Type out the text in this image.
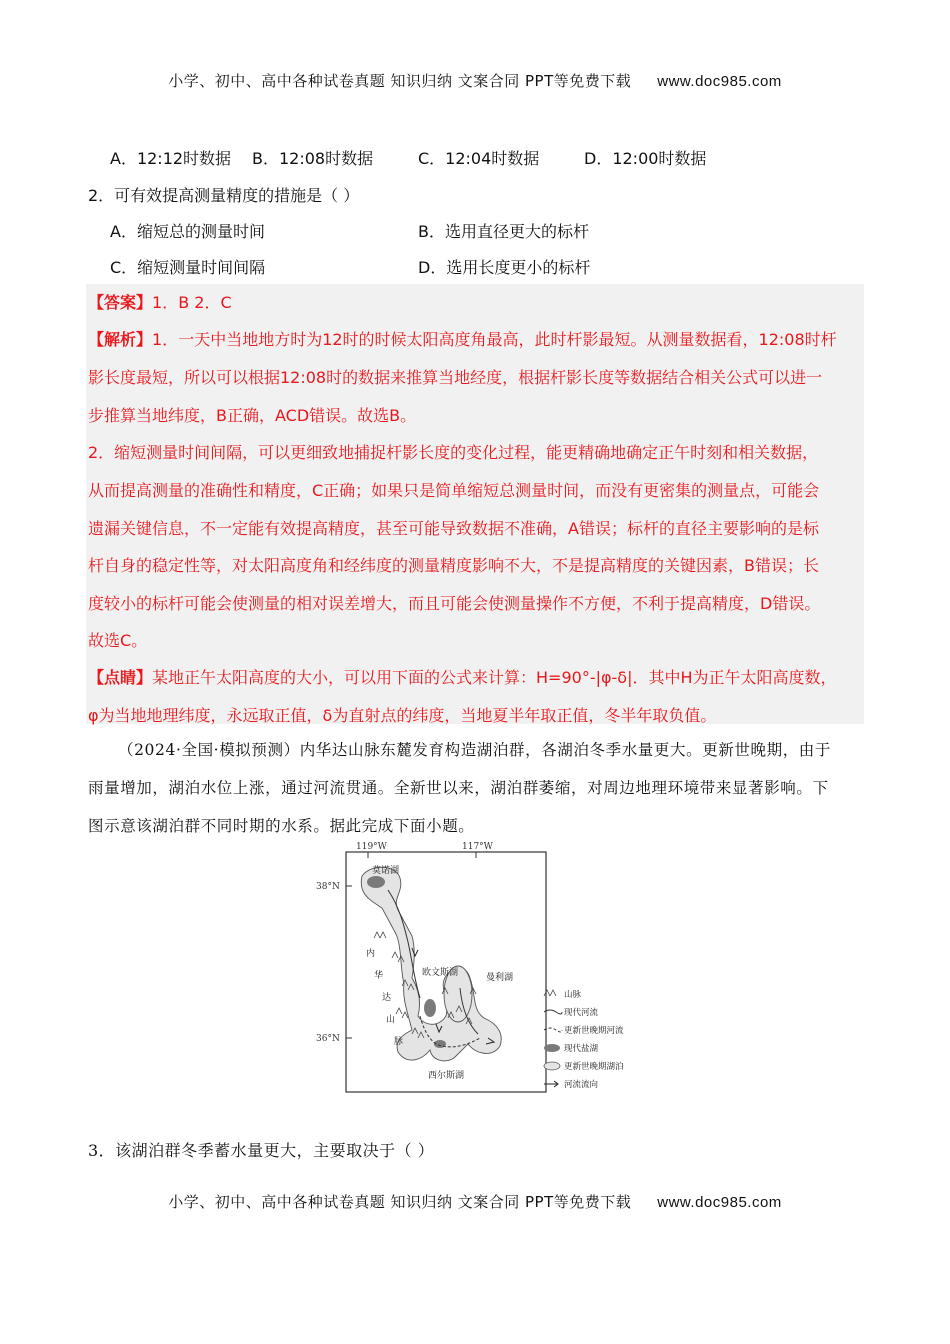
小学、初中、高中各种试卷真题 知识归纳 文案合同 PPT等免费下载 www.doc985.com
A．12:12时数据 B．12:08时数据	C．12:04时数据	D．12:00时数据
2．可有效提高测量精度的措施是（ ）
A．缩短总的测量时间	B．选用直径更大的标杆
C．缩短测量时间间隔	D．选用长度更小的标杆
【答案】1．B 2．C
【解析】1．一天中当地地方时为12时的时候太阳高度角最高，此时杆影最短。从测量数据看，12:08时杆
影长度最短，所以可以根据12:08时的数据来推算当地经度，根据杆影长度等数据结合相关公式可以进一
步推算当地纬度，B正确，ACD错误。故选B。
2．缩短测量时间间隔，可以更细致地捕捉杆影长度的变化过程，能更精确地确定正午时刻和相关数据，
从而提高测量的准确性和精度，C正确；如果只是简单缩短总测量时间，而没有更密集的测量点，可能会
遗漏关键信息，不一定能有效提高精度，甚至可能导致数据不准确，A错误；标杆的直径主要影响的是标
杆自身的稳定性等，对太阳高度角和经纬度的测量精度影响不大，不是提高精度的关键因素，B错误；长
度较小的标杆可能会使测量的相对误差增大，而且可能会使测量操作不方便，不利于提高精度，D错误。
故选C。
【点睛】某地正午太阳高度的大小，可以用下面的公式来计算：H=90°-|φ-δ|．其中H为正午太阳高度数，
φ为当地地理纬度，永远取正值，δ为直射点的纬度，当地夏半年取正值，冬半年取负值。
（2024·全国·模拟预测）内华达山脉东麓发育构造湖泊群，各湖泊冬季水量更大。更新世晚期，由于
雨量增加，湖泊水位上涨，通过河流贯通。全新世以来，湖泊群萎缩，对周边地理环境带来显著影响。下
图示意该湖泊群不同时期的水系。据此完成下面小题。
119°W	117°W
38°N
36°N
莫诺湖
欧文斯湖	曼利湖
西尔斯湖
内
华
达
山
脉
山脉
现代河流
更新世晚期河流
现代盐湖
更新世晚期湖泊
河流流向
3．该湖泊群冬季蓄水量更大，主要取决于（ ）
小学、初中、高中各种试卷真题 知识归纳 文案合同 PPT等免费下载 www.doc985.com
